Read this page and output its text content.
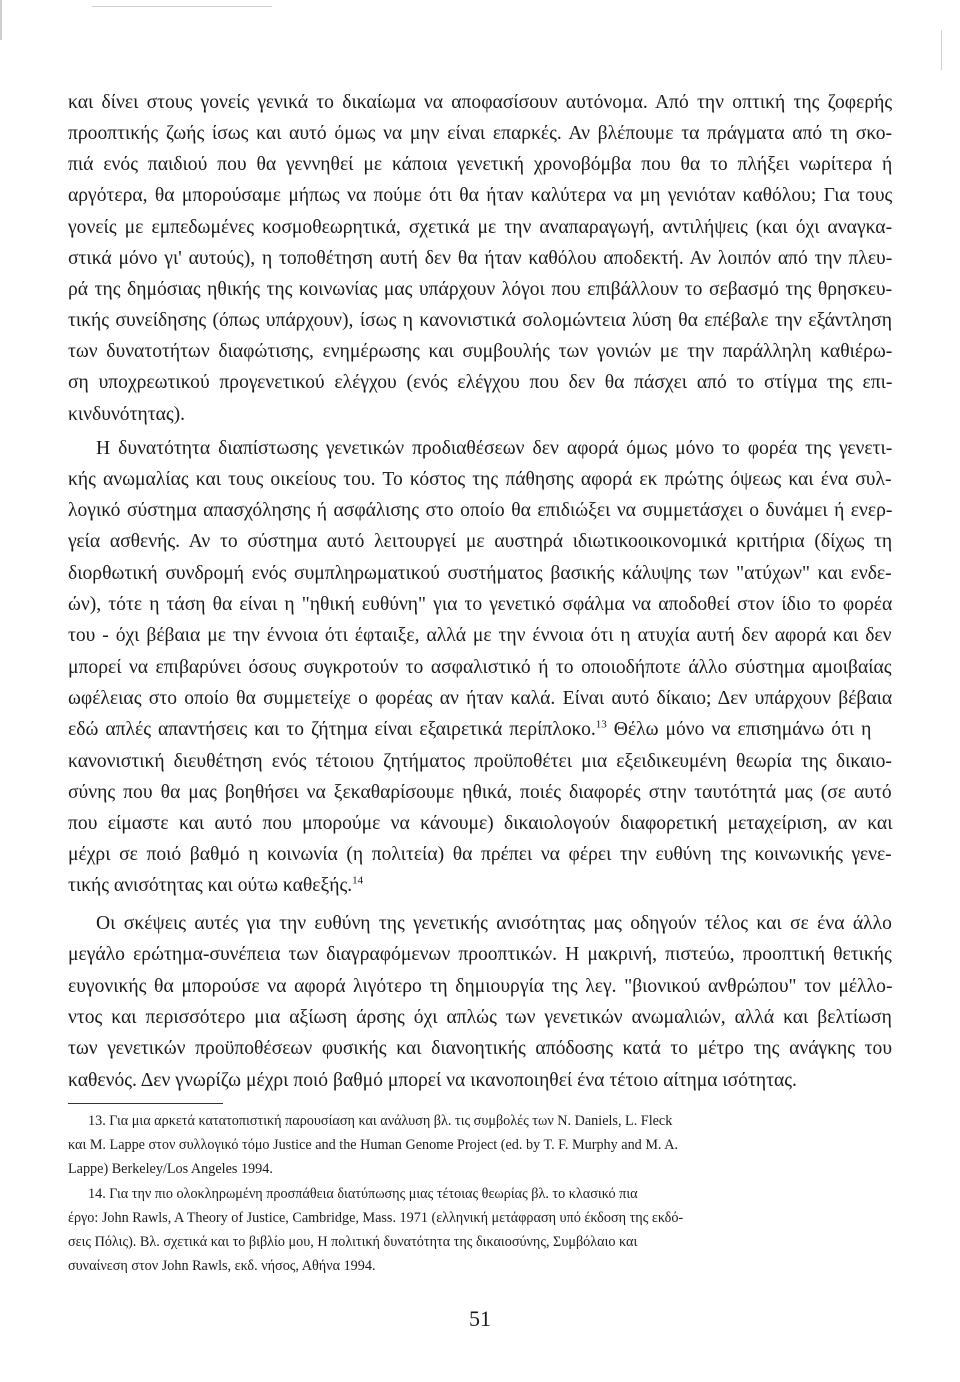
και δίνει στους γονείς γενικά το δικαίωμα να αποφασίσουν αυτόνομα. Από την οπτική της ζοφερής
προοπτικής ζωής ίσως και αυτό όμως να μην είναι επαρκές. Αν βλέπουμε τα πράγματα από τη σκο-
πιά ενός παιδιού που θα γεννηθεί με κάποια γενετική χρονοβόμβα που θα το πλήξει νωρίτερα ή
αργότερα, θα μπορούσαμε μήπως να πούμε ότι θα ήταν καλύτερα να μη γενιόταν καθόλου; Για τους
γονείς με εμπεδωμένες κοσμοθεωρητικά, σχετικά με την αναπαραγωγή, αντιλήψεις (και όχι αναγκα-
στικά μόνο γι' αυτούς), η τοποθέτηση αυτή δεν θα ήταν καθόλου αποδεκτή. Αν λοιπόν από την πλευ-
ρά της δημόσιας ηθικής της κοινωνίας μας υπάρχουν λόγοι που επιβάλλουν το σεβασμό της θρησκευ-
τικής συνείδησης (όπως υπάρχουν), ίσως η κανονιστικά σολομώντεια λύση θα επέβαλε την εξάντληση
των δυνατοτήτων διαφώτισης, ενημέρωσης και συμβουλής των γονιών με την παράλληλη καθιέρω-
ση υποχρεωτικού προγενετικού ελέγχου (ενός ελέγχου που δεν θα πάσχει από το στίγμα της επι-
κινδυνότητας).
Η δυνατότητα διαπίστωσης γενετικών προδιαθέσεων δεν αφορά όμως μόνο το φορέα της γενετι-
κής ανωμαλίας και τους οικείους του. Το κόστος της πάθησης αφορά εκ πρώτης όψεως και ένα συλ-
λογικό σύστημα απασχόλησης ή ασφάλισης στο οποίο θα επιδιώξει να συμμετάσχει ο δυνάμει ή ενερ-
γεία ασθενής. Αν το σύστημα αυτό λειτουργεί με αυστηρά ιδιωτικοοικονομικά κριτήρια (δίχως τη
διορθωτική συνδρομή ενός συμπληρωματικού συστήματος βασικής κάλυψης των "ατύχων" και ενδε-
ών), τότε η τάση θα είναι η "ηθική ευθύνη" για το γενετικό σφάλμα να αποδοθεί στον ίδιο το φορέα
του - όχι βέβαια με την έννοια ότι έφταιξε, αλλά με την έννοια ότι η ατυχία αυτή δεν αφορά και δεν
μπορεί να επιβαρύνει όσους συγκροτούν το ασφαλιστικό ή το οποιοδήποτε άλλο σύστημα αμοιβαίας
ωφέλειας στο οποίο θα συμμετείχε ο φορέας αν ήταν καλά. Είναι αυτό δίκαιο; Δεν υπάρχουν βέβαια
εδώ απλές απαντήσεις και το ζήτημα είναι εξαιρετικά περίπλοκο.$^{13}$ Θέλω μόνο να επισημάνω ότι η
κανονιστική διευθέτηση ενός τέτοιου ζητήματος προϋποθέτει μια εξειδικευμένη θεωρία της δικαιο-
σύνης που θα μας βοηθήσει να ξεκαθαρίσουμε ηθικά, ποιές διαφορές στην ταυτότητά μας (σε αυτό
που είμαστε και αυτό που μπορούμε να κάνουμε) δικαιολογούν διαφορετική μεταχείριση, αν και
μέχρι σε ποιό βαθμό η κοινωνία (η πολιτεία) θα πρέπει να φέρει την ευθύνη της κοινωνικής γενε-
τικής ανισότητας και ούτω καθεξής.$^{14}$
Οι σκέψεις αυτές για την ευθύνη της γενετικής ανισότητας μας οδηγούν τέλος και σε ένα άλλο
μεγάλο ερώτημα-συνέπεια των διαγραφόμενων προοπτικών. Η μακρινή, πιστεύω, προοπτική θετικής
ευγονικής θα μπορούσε να αφορά λιγότερο τη δημιουργία της λεγ. "βιονικού ανθρώπου" τον μέλλο-
ντος και περισσότερο μια αξίωση άρσης όχι απλώς των γενετικών ανωμαλιών, αλλά και βελτίωση
των γενετικών προϋποθέσεων φυσικής και διανοητικής απόδοσης κατά το μέτρο της ανάγκης του
καθενός. Δεν γνωρίζω μέχρι ποιό βαθμό μπορεί να ικανοποιηθεί ένα τέτοιο αίτημα ισότητας.
13. Για μια αρκετά κατατοπιστική παρουσίαση και ανάλυση βλ. τις συμβολές των N. Daniels, L. Fleck
και M. Lappe στον συλλογικό τόμο Justice and the Human Genome Project (ed. by T. F. Murphy and M. A.
Lappe) Berkeley/Los Angeles 1994.
14. Για την πιο ολοκληρωμένη προσπάθεια διατύπωσης μιας τέτοιας θεωρίας βλ. το κλασικό πια
έργο: John Rawls, A Theory of Justice, Cambridge, Mass. 1971 (ελληνική μετάφραση υπό έκδοση της εκδό-
σεις Πόλις). Βλ. σχετικά και το βιβλίο μου, Η πολιτική δυνατότητα της δικαιοσύνης, Συμβόλαιο και
συναίνεση στον John Rawls, εκδ. νήσος, Αθήνα 1994.
51
